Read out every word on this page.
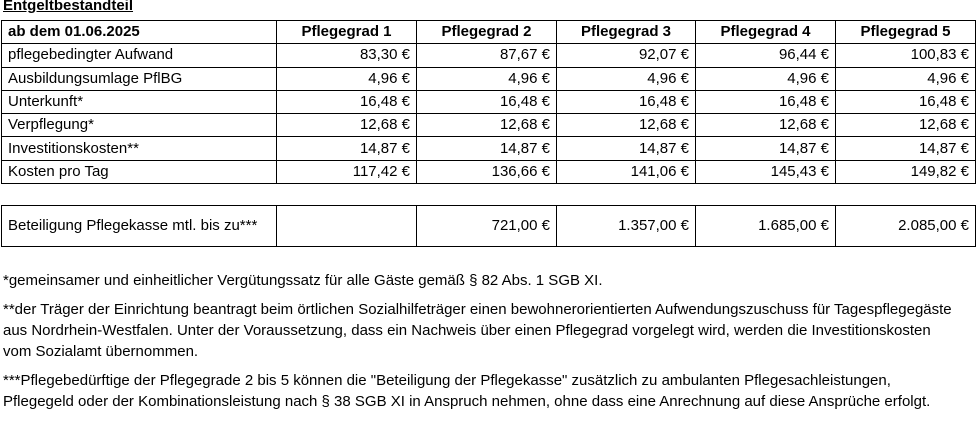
Entgeltbestandteil
ab dem 01.06.2025	Pflegegrad 1	Pflegegrad 2	Pflegegrad 3	Pflegegrad 4	Pflegegrad 5
pflegebedingter Aufwand	83,30 €	87,67 €	92,07 €	96,44 €	100,83 €
Ausbildungsumlage PflBG	4,96 €	4,96 €	4,96 €	4,96 €	4,96 €
Unterkunft*	16,48 €	16,48 €	16,48 €	16,48 €	16,48 €
Verpflegung*	12,68 €	12,68 €	12,68 €	12,68 €	12,68 €
Investitionskosten**	14,87 €	14,87 €	14,87 €	14,87 €	14,87 €
Kosten pro Tag	117,42 €	136,66 €	141,06 €	145,43 €	149,82 €
Beteiligung Pflegekasse mtl. bis zu***		721,00 €	1.357,00 €	1.685,00 €	2.085,00 €

*gemeinsamer und einheitlicher Vergütungssatz für alle Gäste gemäß § 82 Abs. 1 SGB XI.

**der Träger der Einrichtung beantragt beim örtlichen Sozialhilfeträger einen bewohnerorientierten Aufwendungszuschuss für Tagespflegegäste aus Nordrhein-Westfalen. Unter der Voraussetzung, dass ein Nachweis über einen Pflegegrad vorgelegt wird, werden die Investitionskosten vom Sozialamt übernommen.

***Pflegebedürftige der Pflegegrade 2 bis 5 können die "Beteiligung der Pflegekasse" zusätzlich zu ambulanten Pflegesachleistungen, Pflegegeld oder der Kombinationsleistung nach § 38 SGB XI in Anspruch nehmen, ohne dass eine Anrechnung auf diese Ansprüche erfolgt.
